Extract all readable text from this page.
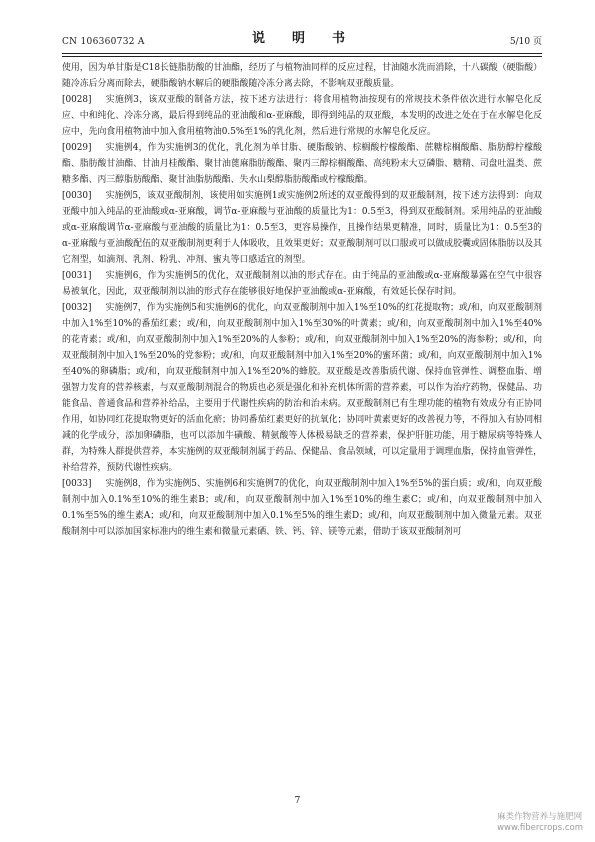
CN 106360732 A	说　明　书	5/10 页

使用，因为单甘脂是C18长链脂肪酸的甘油酯，经历了与植物油同样的反应过程，甘油随水洗而消除，十八碳酸（硬脂酸）随冷冻后分离而除去，硬脂酸钠水解后的硬脂酸随冷冻分离去除，不影响双亚酸质量。

[0028] 实施例3，该双亚酸的制备方法，按下述方法进行：将食用植物油按现有的常规技术条件依次进行水解皂化反应、中和纯化、冷冻分离，最后得到纯品的亚油酸和α-亚麻酸，即得到纯品的双亚酸，本发明的改进之处在于在水解皂化反应中，先向食用植物油中加入食用植物油0.5%至1%的乳化剂，然后进行常规的水解皂化反应。

[0029] 实施例4，作为实施例3的优化，乳化剂为单甘脂、硬脂酸钠、棕榈酸柠檬酸酯、蔗糖棕榈酸酯、脂肪醇柠檬酸酯、脂肪酸甘油酯、甘油月桂酸酯、聚甘油蓖麻脂肪酸酯、聚丙三醇棕榈酸酯、高纯粉末大豆磷脂、糖精、司盘吐温类、蔗糖多酯、丙三醇脂肪酸酯、聚甘油脂肪酸酯、失水山梨醇脂肪酸酯或柠檬酸酯。

[0030] 实施例5，该双亚酸制剂，该使用如实施例1或实施例2所述的双亚酸得到的双亚酸制剂，按下述方法得到：向双亚酸中加入纯品的亚油酸或α-亚麻酸，调节α-亚麻酸与亚油酸的质量比为1：0.5至3，得到双亚酸制剂。采用纯品的亚油酸或α-亚麻酸调节α-亚麻酸与亚油酸的质量比为1：0.5至3，更容易操作，且操作结果更精准，同时，质量比为1：0.5至3的α-亚麻酸与亚油酸配伍的双亚酸制剂更利于人体吸收，且效果更好；双亚酸制剂可以口服或可以做成胶囊或固体脂肪以及其它剂型，如滴剂、乳剂、粉乳、冲剂、蜜丸等口感适宜的剂型。

[0031] 实施例6，作为实施例5的优化，双亚酸制剂以油的形式存在。由于纯品的亚油酸或α-亚麻酸暴露在空气中很容易被氧化，因此，双亚酸制剂以油的形式存在能够很好地保护亚油酸或α-亚麻酸，有效延长保存时间。

[0032] 实施例7，作为实施例5和实施例6的优化，向双亚酸制剂中加入1%至10%的红花提取物；或/和，向双亚酸制剂中加入1%至10%的番茄红素；或/和，向双亚酸制剂中加入1%至30%的叶黄素；或/和，向双亚酸制剂中加入1%至40%的花青素；或/和，向双亚酸制剂中加入1%至20%的人参粉；或/和，向双亚酸制剂中加入1%至20%的海参粉；或/和，向双亚酸制剂中加入1%至20%的党参粉；或/和，向双亚酸制剂中加入1%至20%的蜜环菌；或/和，向双亚酸制剂中加入1%至40%的卵磷脂；或/和，向双亚酸制剂中加入1%至20%的蜂胶。双亚酸是改善脂质代谢、保持血管弹性、调整血脂、增强智力发育的营养核素，与双亚酸制剂混合的物质也必须是强化和补充机体所需的营养素，可以作为治疗药物，保健品、功能食品、普通食品和营养补给品，主要用于代谢性疾病的防治和治未病。双亚酸制剂已有生理功能的植物有效成分有正协同作用，如协同红花提取物更好的活血化瘀；协同番茄红素更好的抗氧化；协同叶黄素更好的改善视力等，不得加入有协同相减的化学成分，添加卵磷脂，也可以添加牛磺酸、精氨酸等人体极易缺乏的营养素，保护肝脏功能，用于糖尿病等特殊人群，为特殊人群提供营养，本实施例的双亚酸制剂属于药品、保健品、食品领域，可以定量用于调理血脂，保持血管弹性，补给营养，预防代谢性疾病。

[0033] 实施例8，作为实施例5、实施例6和实施例7的优化，向双亚酸制剂中加入1%至5%的蛋白质；或/和，向双亚酸制剂中加入0.1%至10%的维生素B；或/和，向双亚酸制剂中加入1%至10%的维生素C；或/和，向双亚酸制剂中加入0.1%至5%的维生素A；或/和，向双亚酸制剂中加入0.1%至5%的维生素D；或/和，向双亚酸制剂中加入微量元素。双亚酸制剂中可以添加国家标准内的维生素和微量元素硒、铁、钙、锌、镁等元素，借助于该双亚酸制剂可

7
麻类作物营养与施肥网
www.fibercrops.com
